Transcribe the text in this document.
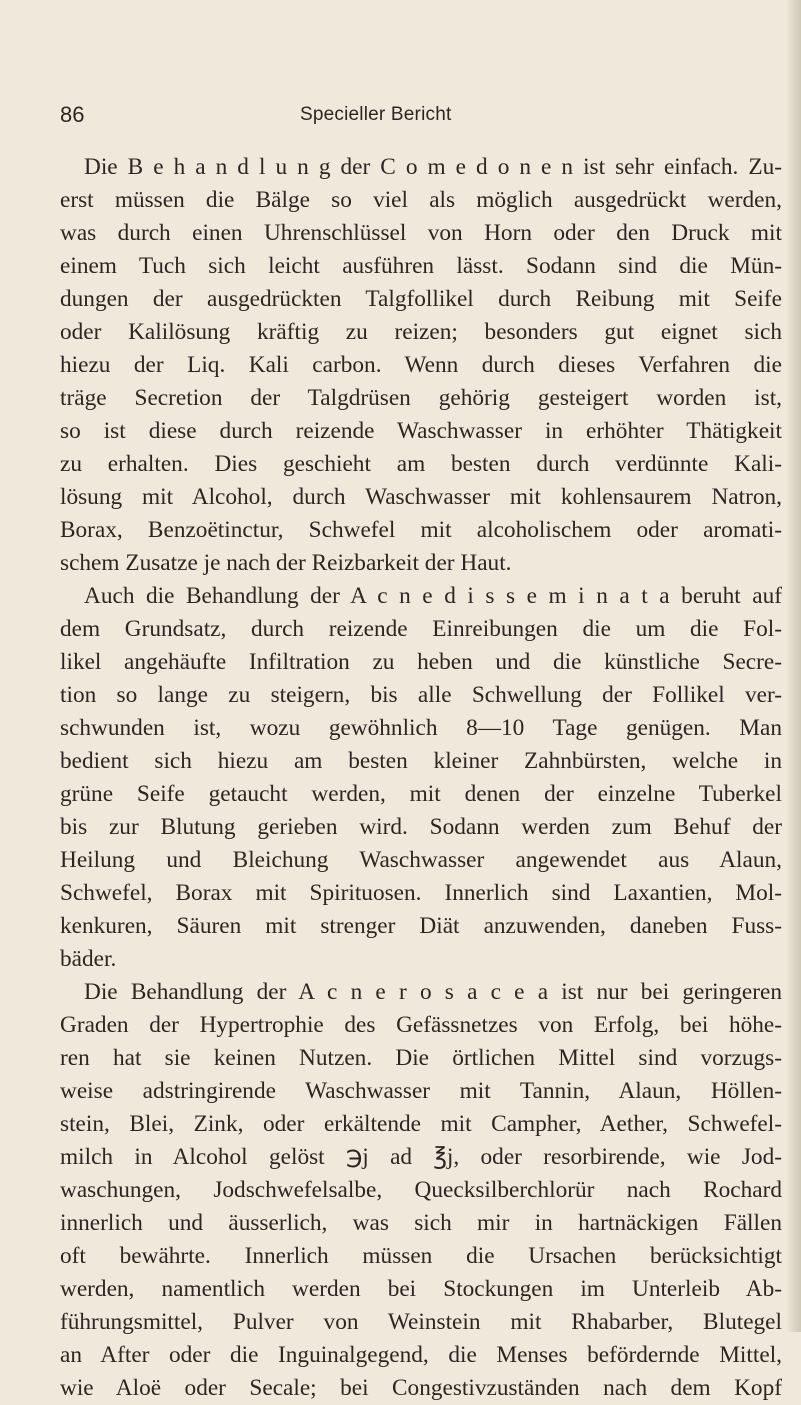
86	Specieller Bericht
Die B e h a n d l u n g der C o m e d o n e n ist sehr einfach. Zu-
erst müssen die Bälge so viel als möglich ausgedrückt werden,
was durch einen Uhrenschlüssel von Horn oder den Druck mit
einem Tuch sich leicht ausführen lässt. Sodann sind die Mün-
dungen der ausgedrückten Talgfollikel durch Reibung mit Seife
oder Kalilösung kräftig zu reizen; besonders gut eignet sich
hiezu der Liq. Kali carbon. Wenn durch dieses Verfahren die
träge Secretion der Talgdrüsen gehörig gesteigert worden ist,
so ist diese durch reizende Waschwasser in erhöhter Thätigkeit
zu erhalten. Dies geschieht am besten durch verdünnte Kali-
lösung mit Alcohol, durch Waschwasser mit kohlensaurem Natron,
Borax, Benzoëtinctur, Schwefel mit alcoholischem oder aromati-
schem Zusatze je nach der Reizbarkeit der Haut.
Auch die Behandlung der A c n e d i s s e m i n a t a beruht auf
dem Grundsatz, durch reizende Einreibungen die um die Fol-
likel angehäufte Infiltration zu heben und die künstliche Secre-
tion so lange zu steigern, bis alle Schwellung der Follikel ver-
schwunden ist, wozu gewöhnlich 8—10 Tage genügen. Man
bedient sich hiezu am besten kleiner Zahnbürsten, welche in
grüne Seife getaucht werden, mit denen der einzelne Tuberkel
bis zur Blutung gerieben wird. Sodann werden zum Behuf der
Heilung und Bleichung Waschwasser angewendet aus Alaun,
Schwefel, Borax mit Spirituosen. Innerlich sind Laxantien, Mol-
kenkuren, Säuren mit strenger Diät anzuwenden, daneben Fuss-
bäder.
Die Behandlung der A c n e r o s a c e a ist nur bei geringeren
Graden der Hypertrophie des Gefässnetzes von Erfolg, bei höhe-
ren hat sie keinen Nutzen. Die örtlichen Mittel sind vorzugs-
weise adstringirende Waschwasser mit Tannin, Alaun, Höllen-
stein, Blei, Zink, oder erkältende mit Campher, Aether, Schwefel-
milch in Alcohol gelöst ℈j ad ℥j, oder resorbirende, wie Jod-
waschungen, Jodschwefelsalbe, Quecksilberchlorür nach Rochard
innerlich und äusserlich, was sich mir in hartnäckigen Fällen
oft bewährte. Innerlich müssen die Ursachen berücksichtigt
werden, namentlich werden bei Stockungen im Unterleib Ab-
führungsmittel, Pulver von Weinstein mit Rhabarber, Blutegel
an After oder die Inguinalgegend, die Menses befördernde Mittel,
wie Aloë oder Secale; bei Congestivzuständen nach dem Kopf
